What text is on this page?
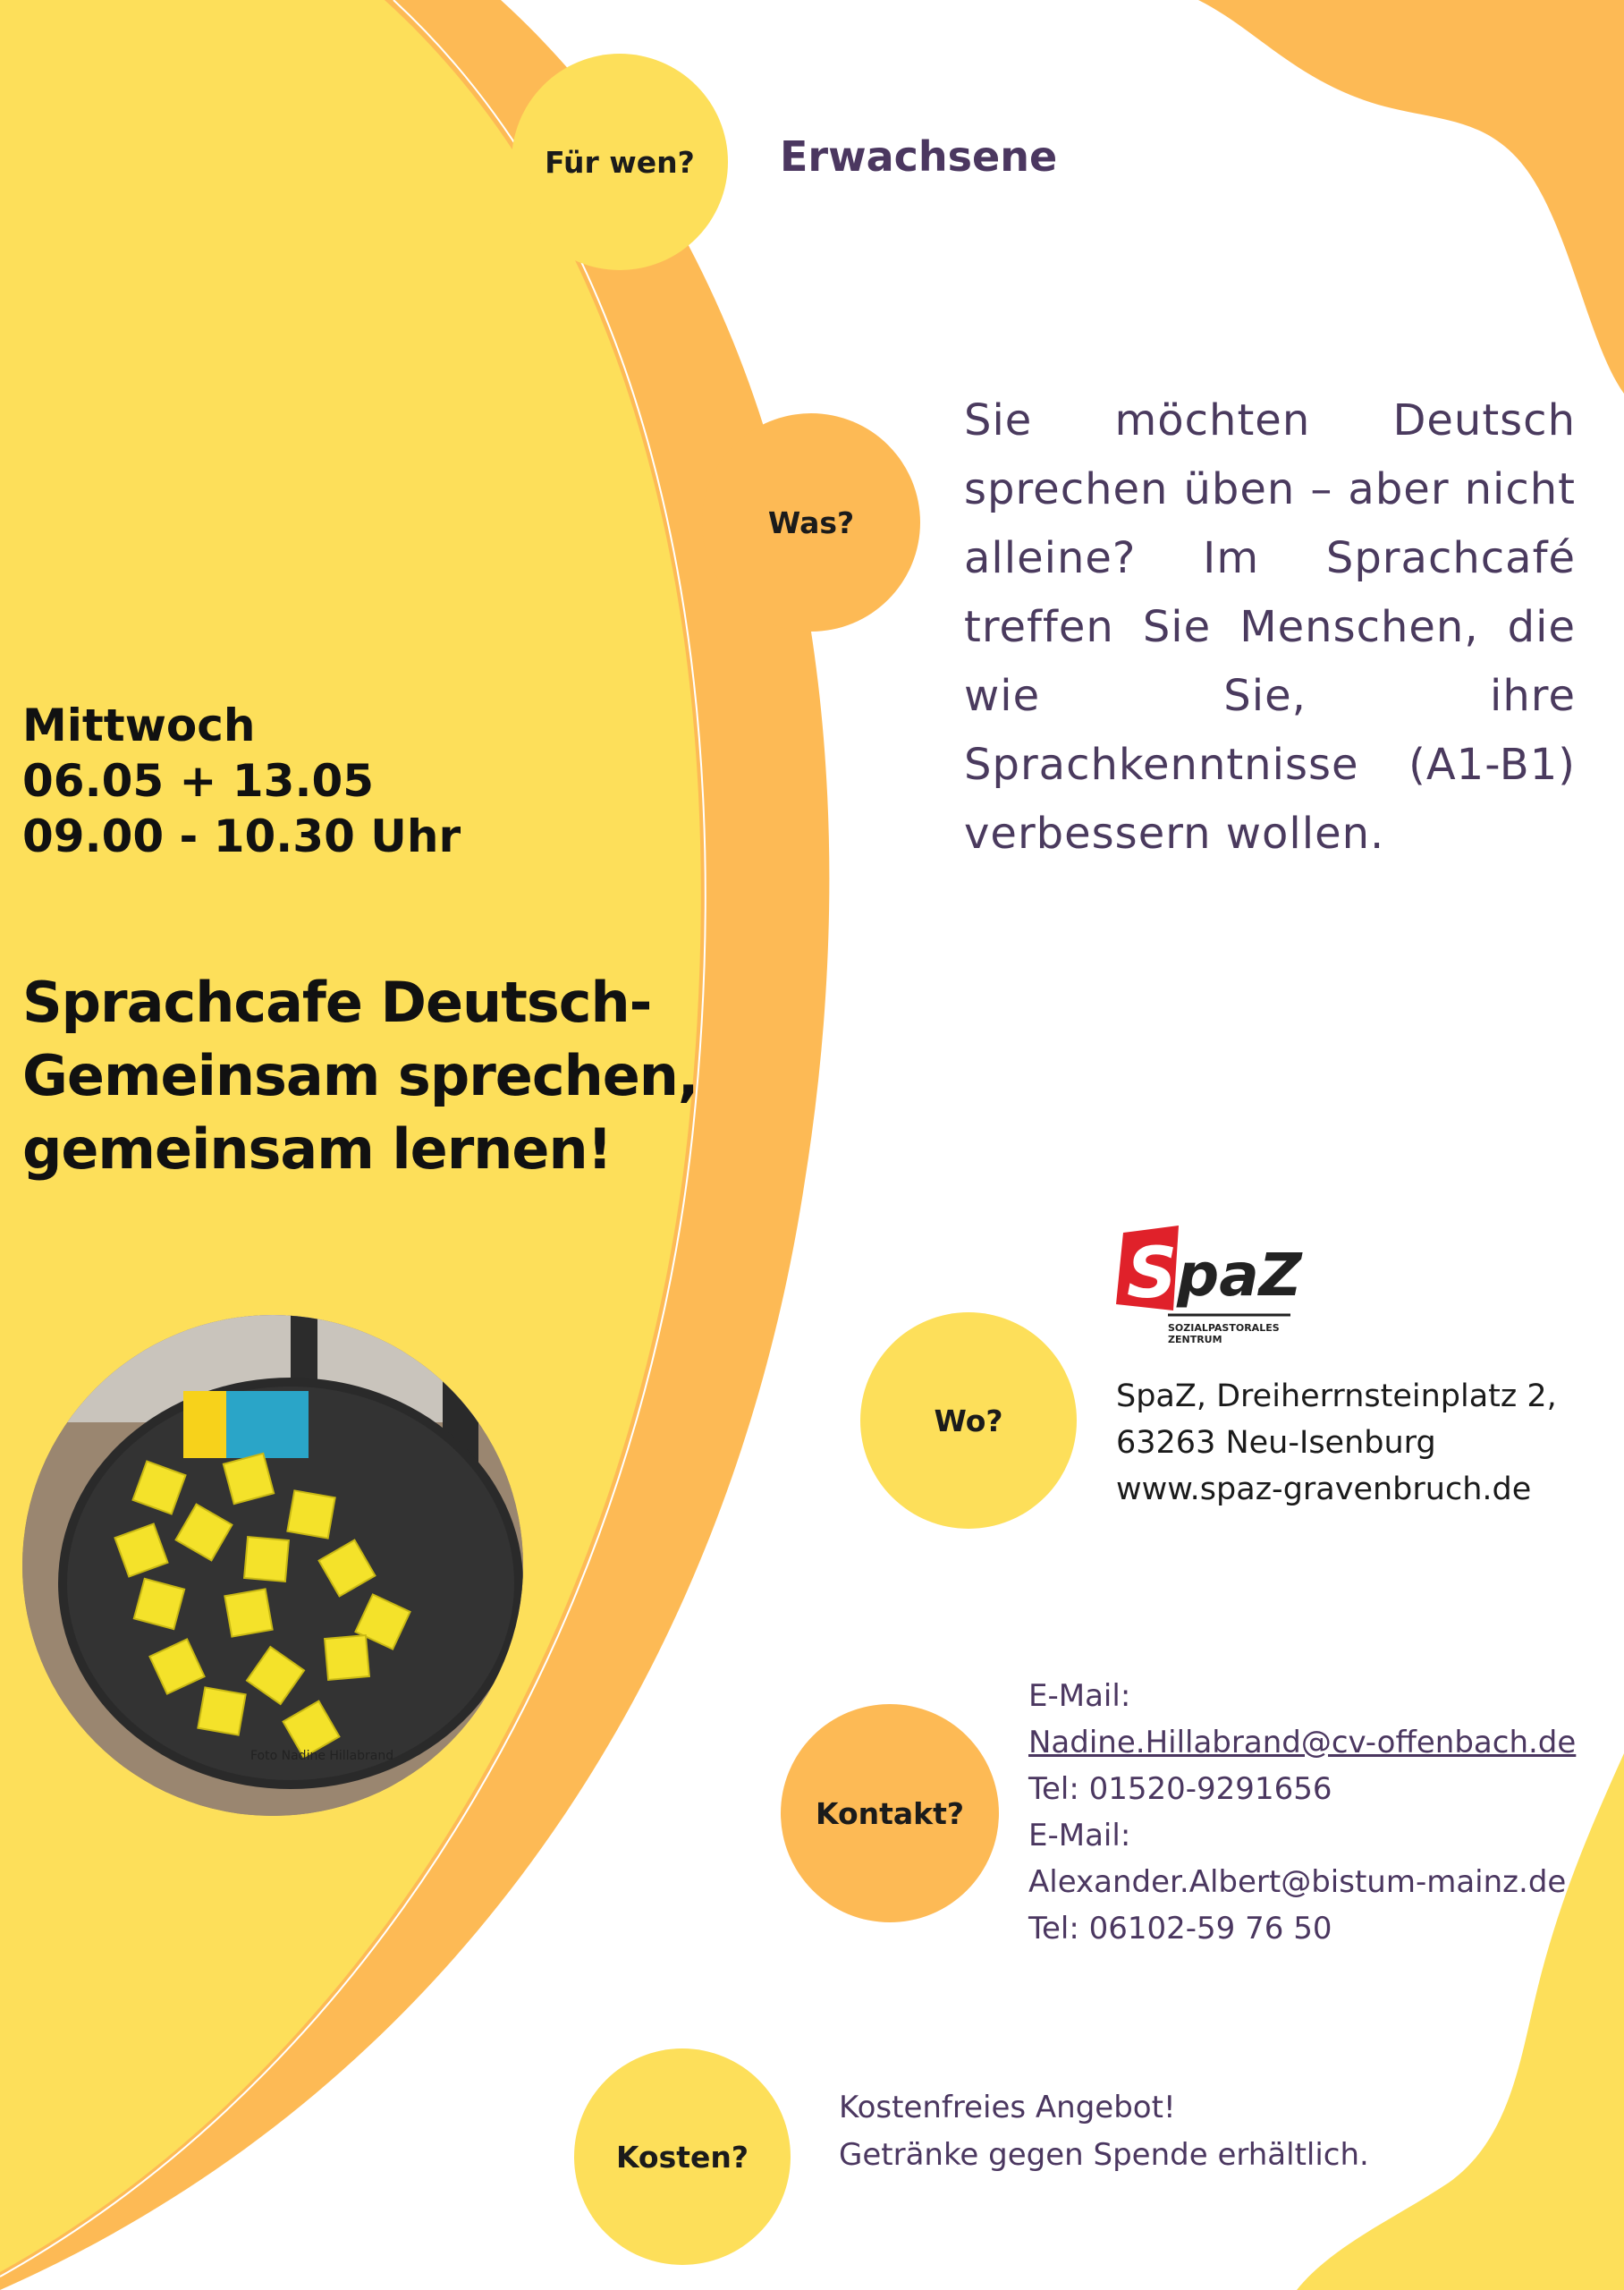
Für wen? Erwachsene
Was?
Sie möchten Deutsch sprechen üben – aber nicht alleine? Im Sprachcafé treffen Sie Menschen, die wie Sie, ihre Sprachkenntnisse (A1-B1) verbessern wollen.
Mittwoch
06.05 + 13.05
09.00 - 10.30 Uhr
Sprachcafe Deutsch-
Gemeinsam sprechen,
gemeinsam lernen!
Foto Nadine Hillabrand
S paZ
SOZIALPASTORALES
ZENTRUM
Wo?
SpaZ, Dreiherrnsteinplatz 2,
63263 Neu-Isenburg
www.spaz-gravenbruch.de
Kontakt?
E-Mail:
Nadine.Hillabrand@cv-offenbach.de
Tel: 01520-9291656
E-Mail:
Alexander.Albert@bistum-mainz.de
Tel: 06102-59 76 50
Kosten?
Kostenfreies Angebot!
Getränke gegen Spende erhältlich.
